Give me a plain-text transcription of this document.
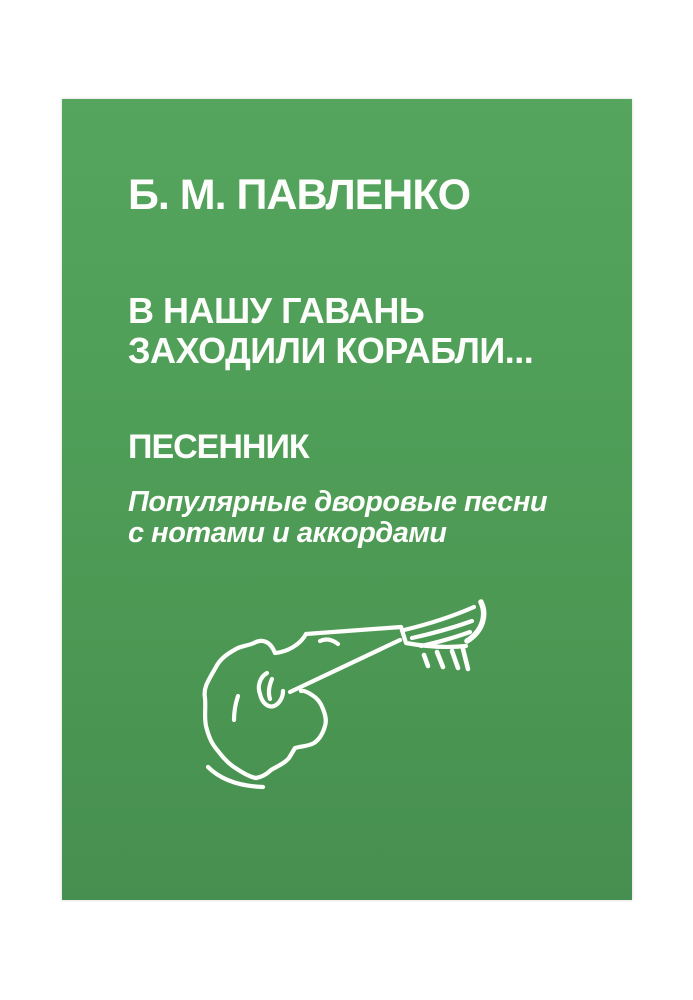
Б. М. ПАВЛЕНКО
В НАШУ ГАВАНЬ
ЗАХОДИЛИ КОРАБЛИ...
ПЕСЕННИК
Популярные дворовые песни
с нотами и аккордами
